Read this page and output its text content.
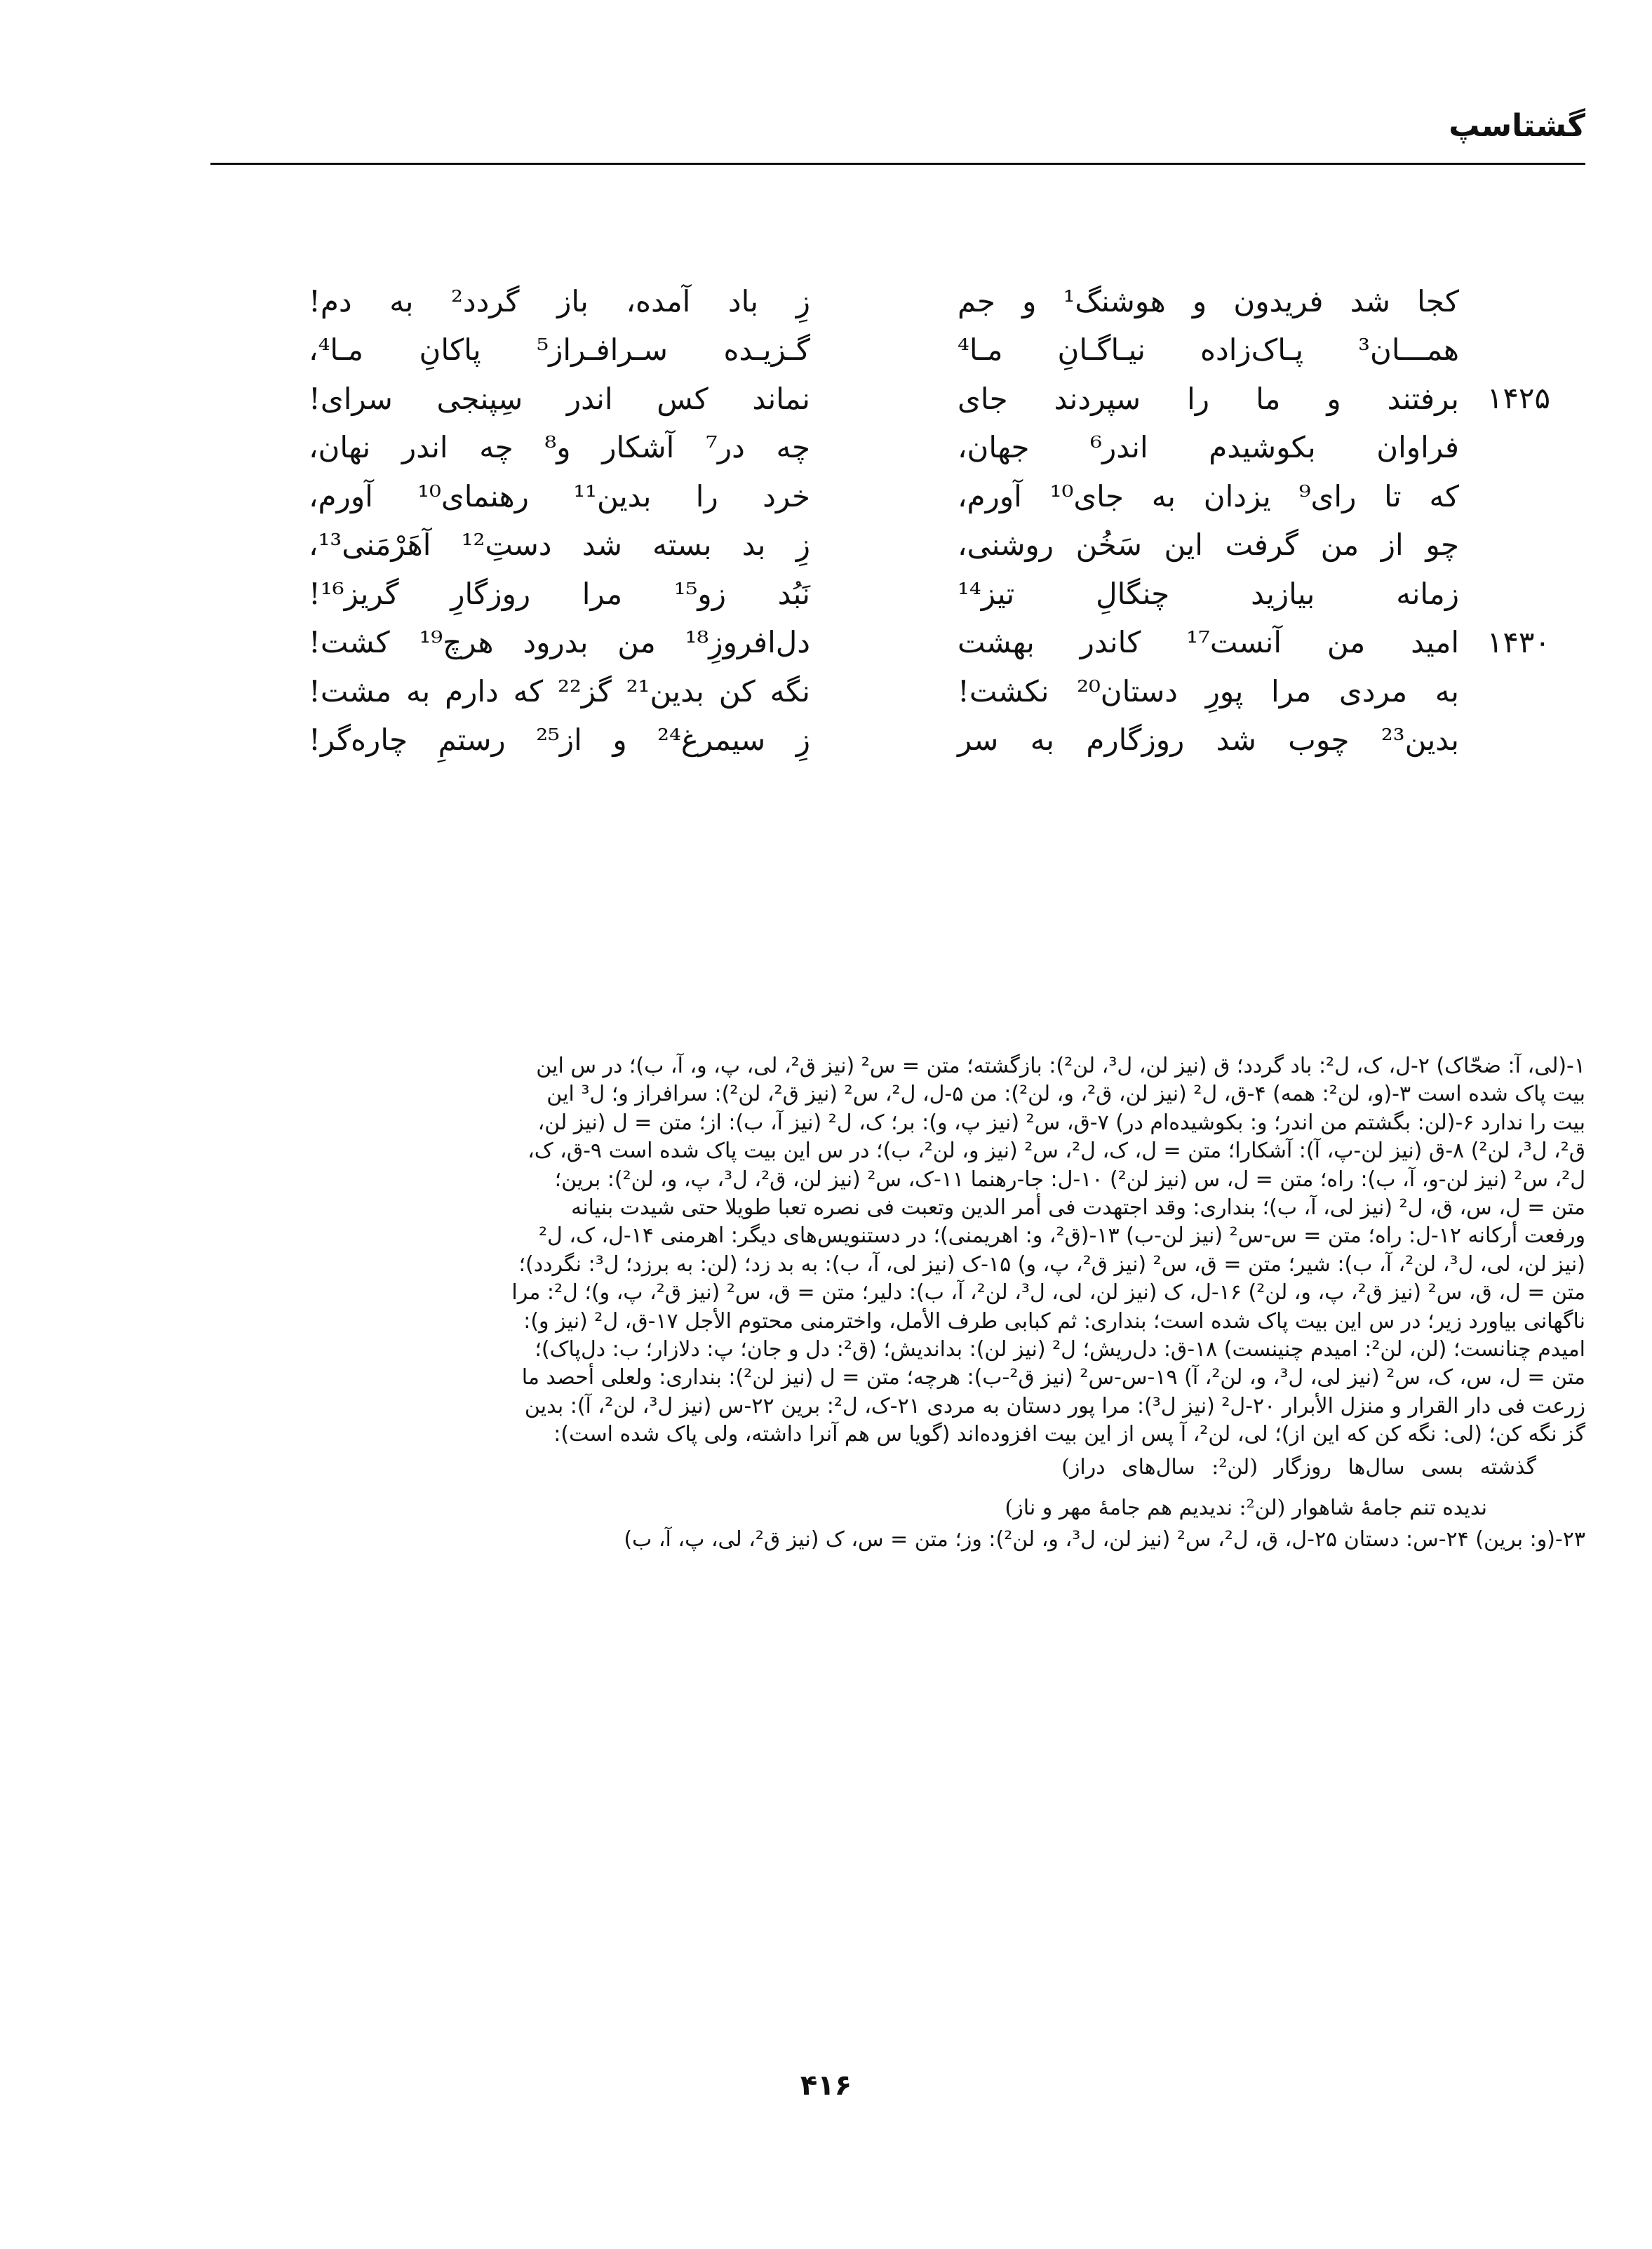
گشتاسپ
کجا شد فریدون و هوشنگ¹ و جم
زِ باد آمده، باز گردد² به دم!
همـــان³ پـاک‌زاده نیـاگـانِ مـا⁴
گـزیـده سـرافـراز⁵ پاکانِ مـا⁴،
۱۴۲۵
برفتند و ما را سپردند جای
نماند کس اندر سِپنجی سرای!
فراوان بکوشیدم اندر⁶ جهان،
چه در⁷ آشکار و⁸ چه اندر نهان،
که تا رای⁹ یزدان به جای¹⁰ آورم،
خرد را بدین¹¹ رهنمای¹⁰ آورم،
چو از من گرفت این سَخُن روشنی،
زِ بد بسته شد دستِ¹² آهَرْمَنی¹³،
زمانه بیازید چنگالِ تیز¹⁴
نَبُد زو¹⁵ مرا روزگارِ گریز¹⁶!
۱۴۳۰
امید من آنست¹⁷ کاندر بهشت
دل‌افروزِ¹⁸ من بدرود هرچ¹⁹ کشت!
به مردی مرا پورِ دستان²⁰ نکشت!
نگه کن بدین²¹ گز²² که دارم به مشت!
بدین²³ چوب شد روزگارم به سر
زِ سیمرغ²⁴ و از²⁵ رستمِ چاره‌گر!
۱-(لی، آ: ضحّاک) ۲-ل، ک، ل²: باد گردد؛ ق (نیز لن، ل³، لن²): بازگشته؛ متن = س² (نیز ق²، لی، پ، و، آ، ب)؛ در س این
بیت پاک شده است ۳-(و، لن²: همه) ۴-ق، ل² (نیز لن، ق²، و، لن²): من ۵-ل، ل²، س² (نیز ق²، لن²): سرافراز و؛ ل³ این
بیت را ندارد ۶-(لن: بگشتم من اندر؛ و: بکوشیده‌ام در) ۷-ق، س² (نیز پ، و): بر؛ ک، ل² (نیز آ، ب): از؛ متن = ل (نیز لن،
ق²، ل³، لن²) ۸-ق (نیز لن-پ، آ): آشکارا؛ متن = ل، ک، ل²، س² (نیز و، لن²، ب)؛ در س این بیت پاک شده است ۹-ق، ک،
ل²، س² (نیز لن-و، آ، ب): راه؛ متن = ل، س (نیز لن²) ۱۰-ل: جا-رهنما ۱۱-ک، س² (نیز لن، ق²، ل³، پ، و، لن²): برین؛
متن = ل، س، ق، ل² (نیز لی، آ، ب)؛ بنداری: وقد اجتهدت فی أمر الدین وتعبت فی نصره تعبا طویلا حتی شیدت بنیانه
ورفعت أرکانه ۱۲-ل: راه؛ متن = س-س² (نیز لن-ب) ۱۳-(ق²، و: اهریمنی)؛ در دستنویس‌های دیگر: اهرمنی ۱۴-ل، ک، ل²
(نیز لن، لی، ل³، لن²، آ، ب): شیر؛ متن = ق، س² (نیز ق²، پ، و) ۱۵-ک (نیز لی، آ، ب): به بد زد؛ (لن: به برزد؛ ل³: نگردد)؛
متن = ل، ق، س² (نیز ق²، پ، و، لن²) ۱۶-ل، ک (نیز لن، لی، ل³، لن²، آ، ب): دلیر؛ متن = ق، س² (نیز ق²، پ، و)؛ ل²: مرا
ناگهانی بیاورد زیر؛ در س این بیت پاک شده است؛ بنداری: ثم کبابی طرف الأمل، واخترمنی محتوم الأجل ۱۷-ق، ل² (نیز و):
امیدم چنانست؛ (لن، لن²: امیدم چنینست) ۱۸-ق: دل‌ریش؛ ل² (نیز لن): بداندیش؛ (ق²: دل و جان؛ پ: دلازار؛ ب: دل‌پاک)؛
متن = ل، س، ک، س² (نیز لی، ل³، و، لن²، آ) ۱۹-س-س² (نیز ق²-ب): هرچه؛ متن = ل (نیز لن²): بنداری: ولعلی أحصد ما
زرعت فی دار القرار و منزل الأبرار ۲۰-ل² (نیز ل³): مرا پور دستان به مردی ۲۱-ک، ل²: برین ۲۲-س (نیز ل³، لن²، آ): بدین
گز نگه کن؛ (لی: نگه کن که این از)؛ لی، لن²، آ پس از این بیت افزوده‌اند (گویا س هم آنرا داشته، ولی پاک شده است):
گذشته بسی سال‌ها روزگار (لن²: سال‌های دراز)
ندیده تنم جامهٔ شاهوار (لن²: ندیدیم هم جامهٔ مهر و ناز)
۲۳-(و: برین) ۲۴-س: دستان ۲۵-ل، ق، ل²، س² (نیز لن، ل³، و، لن²): وز؛ متن = س، ک (نیز ق²، لی، پ، آ، ب)
۴۱۶
